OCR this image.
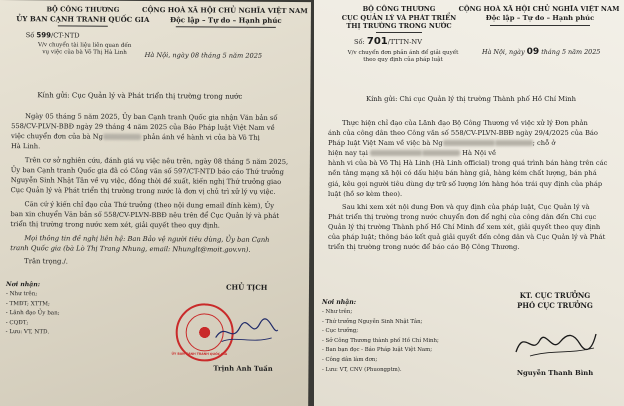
BỘ CÔNG THƯƠNG
ỦY BAN CẠNH TRANH QUỐC GIA
CỘNG HOÀ XÃ HỘI CHỦ NGHĨA VIỆT NAM
Độc lập – Tự do – Hạnh phúc
Số 599/CT-NTD
V/v chuyển tài liệu liên quan đến
vụ việc của bà Võ Thị Hà Linh	Hà Nội, ngày 08 tháng 5 năm 2025
Kính gửi: Cục Quản lý và Phát triển thị trường trong nước
Ngày 05 tháng 5 năm 2025, Ủy ban Cạnh tranh Quốc gia nhận Văn bản số
558/CV-PLVN-BBĐ ngày 29 tháng 4 năm 2025 của Báo Pháp luật Việt Nam về
việc chuyển đơn của bà Ng	phản ánh về hành vi của bà Võ Thị
Hà Linh.
Trên cơ sở nghiên cứu, đánh giá vụ việc nêu trên, ngày 08 tháng 5 năm 2025,
Ủy ban Cạnh tranh Quốc gia đã có Công văn số 597/CT-NTD báo cáo Thứ trưởng
Nguyễn Sinh Nhật Tân về vụ việc, đồng thời đề xuất, kiến nghị Thứ trưởng giao
Cục Quản lý và Phát triển thị trường trong nước là đơn vị chủ trì xử lý vụ việc.
Căn cứ ý kiến chỉ đạo của Thứ trưởng (theo nội dung email đính kèm), Ủy
ban xin chuyển Văn bản số 558/CV-PLVN-BBĐ nêu trên để Cục Quản lý và phát
triển thị trường trong nước xem xét, giải quyết theo quy định.
Mọi thông tin đề nghị liên hệ: Ban Bảo vệ người tiêu dùng, Ủy ban Cạnh
tranh Quốc gia (bà Lò Thị Trang Nhung, email: Nhunglt@moit.gov.vn).
Trân trọng./.
Nơi nhận:
- Như trên;
- TMĐT; XTTM;
- Lãnh đạo Ủy ban;
- CQĐT;
- Lưu: VT, NTD.
CHỦ TỊCH
ỦY BAN CẠNH TRANH QUỐC GIA
Trịnh Anh Tuấn
BỘ CÔNG THƯƠNG
CỤC QUẢN LÝ VÀ PHÁT TRIỂN
THỊ TRƯỜNG TRONG NƯỚC
CỘNG HOÀ XÃ HỘI CHỦ NGHĨA VIỆT NAM
Độc lập – Tự do – Hạnh phúc
Số: 701/TTTN-NV
V/v chuyển đơn phản ánh để giải quyết
theo quy định của pháp luật
Hà Nội, ngày 09 tháng 5 năm 2025
Kính gửi: Chi cục Quản lý thị trường Thành phố Hồ Chí Minh
Thực hiện chỉ đạo của Lãnh đạo Bộ Công Thương về việc xử lý Đơn phản
ánh của công dân theo Công văn số 558/CV-PLVN-BBĐ ngày 29/4/2025 của Báo
Pháp luật Việt Nam về việc bà Ng	; chỗ ở
hiện nay tại	Hà Nội về
hành vi của bà Võ Thị Hà Linh (Hà Linh official) trong quá trình bán hàng trên các
nền tảng mạng xã hội có dấu hiệu bán hàng giả, hàng kém chất lượng, bán phá
giá, kêu gọi người tiêu dùng dự trữ số lượng lớn hàng hóa trái quy định của pháp
luật (hồ sơ kèm theo).
Sau khi xem xét nội dung Đơn và quy định của pháp luật, Cục Quản lý và
Phát triển thị trường trong nước chuyển đơn để nghị của công dân đến Chi cục
Quản lý thị trường Thành phố Hồ Chí Minh để xem xét, giải quyết theo quy định
của pháp luật; thông báo kết quả giải quyết đến công dân và Cục Quản lý và Phát
triển thị trường trong nước để báo cáo Bộ Công Thương.
Nơi nhận:
- Như trên;
- Thứ trưởng Nguyễn Sinh Nhật Tân;
- Cục trưởng;
- Sở Công Thương thành phố Hồ Chí Minh;
- Ban bạn đọc - Báo Pháp luật Việt Nam;
- Công dân làm đơn;
- Lưu: VT, CNV (Phuongptm).
KT. CỤC TRƯỞNG
PHÓ CỤC TRƯỞNG
Nguyễn Thanh Bình
